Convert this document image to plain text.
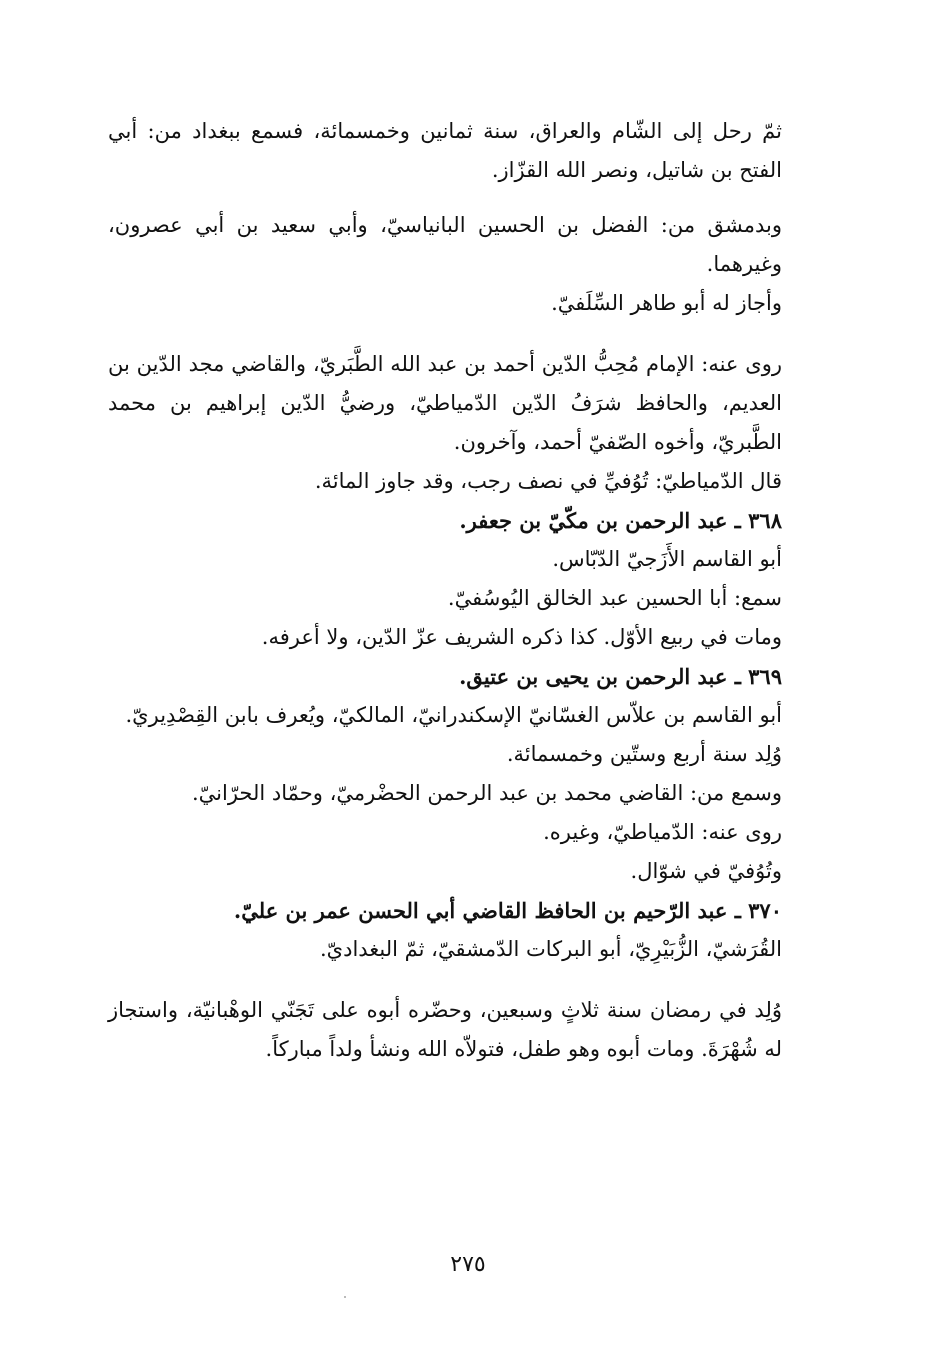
ثمّ رحل إلى الشّام والعراق، سنة ثمانين وخمسمائة، فسمع ببغداد من: أبي الفتح بن شاتيل، ونصر الله القزّاز.

وبدمشق من: الفضل بن الحسين البانياسيّ، وأبي سعيد بن أبي عصرون، وغيرهما.

وأجاز له أبو طاهر السِّلَفيّ.

روى عنه: الإمام مُحِبُّ الدّين أحمد بن عبد الله الطَّبَريّ، والقاضي مجد الدّين بن العديم، والحافظ شرَفُ الدّين الدّمياطيّ، ورضيُّ الدّين إبراهيم بن محمد الطَّبريّ، وأخوه الصّفيّ أحمد، وآخرون.

قال الدّمياطيّ: تُوُفيِّ في نصف رجب، وقد جاوز المائة.

٣٦٨ ـ عبد الرحمن بن مكّيّ بن جعفر.

أبو القاسم الأَزَجيّ الدّبّاس.

سمع: أبا الحسين عبد الخالق اليُوسُفيّ.

ومات في ربيع الأوّل. كذا ذكره الشريف عزّ الدّين، ولا أعرفه.

٣٦٩ ـ عبد الرحمن بن يحيى بن عتيق.

أبو القاسم بن علاّس الغسّانيّ الإسكندرانيّ، المالكيّ، ويُعرف بابن القِصْدِيريّ.

وُلِد سنة أربع وستّين وخمسمائة.

وسمع من: القاضي محمد بن عبد الرحمن الحضْرميّ، وحمّاد الحرّانيّ.

روى عنه: الدّمياطيّ، وغيره.

وتُوُفيّ في شوّال.

٣٧٠ ـ عبد الرّحيم بن الحافظ القاضي أبي الحسن عمر بن عليّ.

القُرَشيّ، الزُّبَيْرِيّ، أبو البركات الدّمشقيّ، ثمّ البغداديّ.

وُلِد في رمضان سنة ثلاثٍ وسبعين، وحضّره أبوه على تَجَنّي الوهْبانيّة، واستجاز له شُهْرَةَ. ومات أبوه وهو طفل، فتولاّه الله ونشأ ولداً مباركاً.

٢٧٥
